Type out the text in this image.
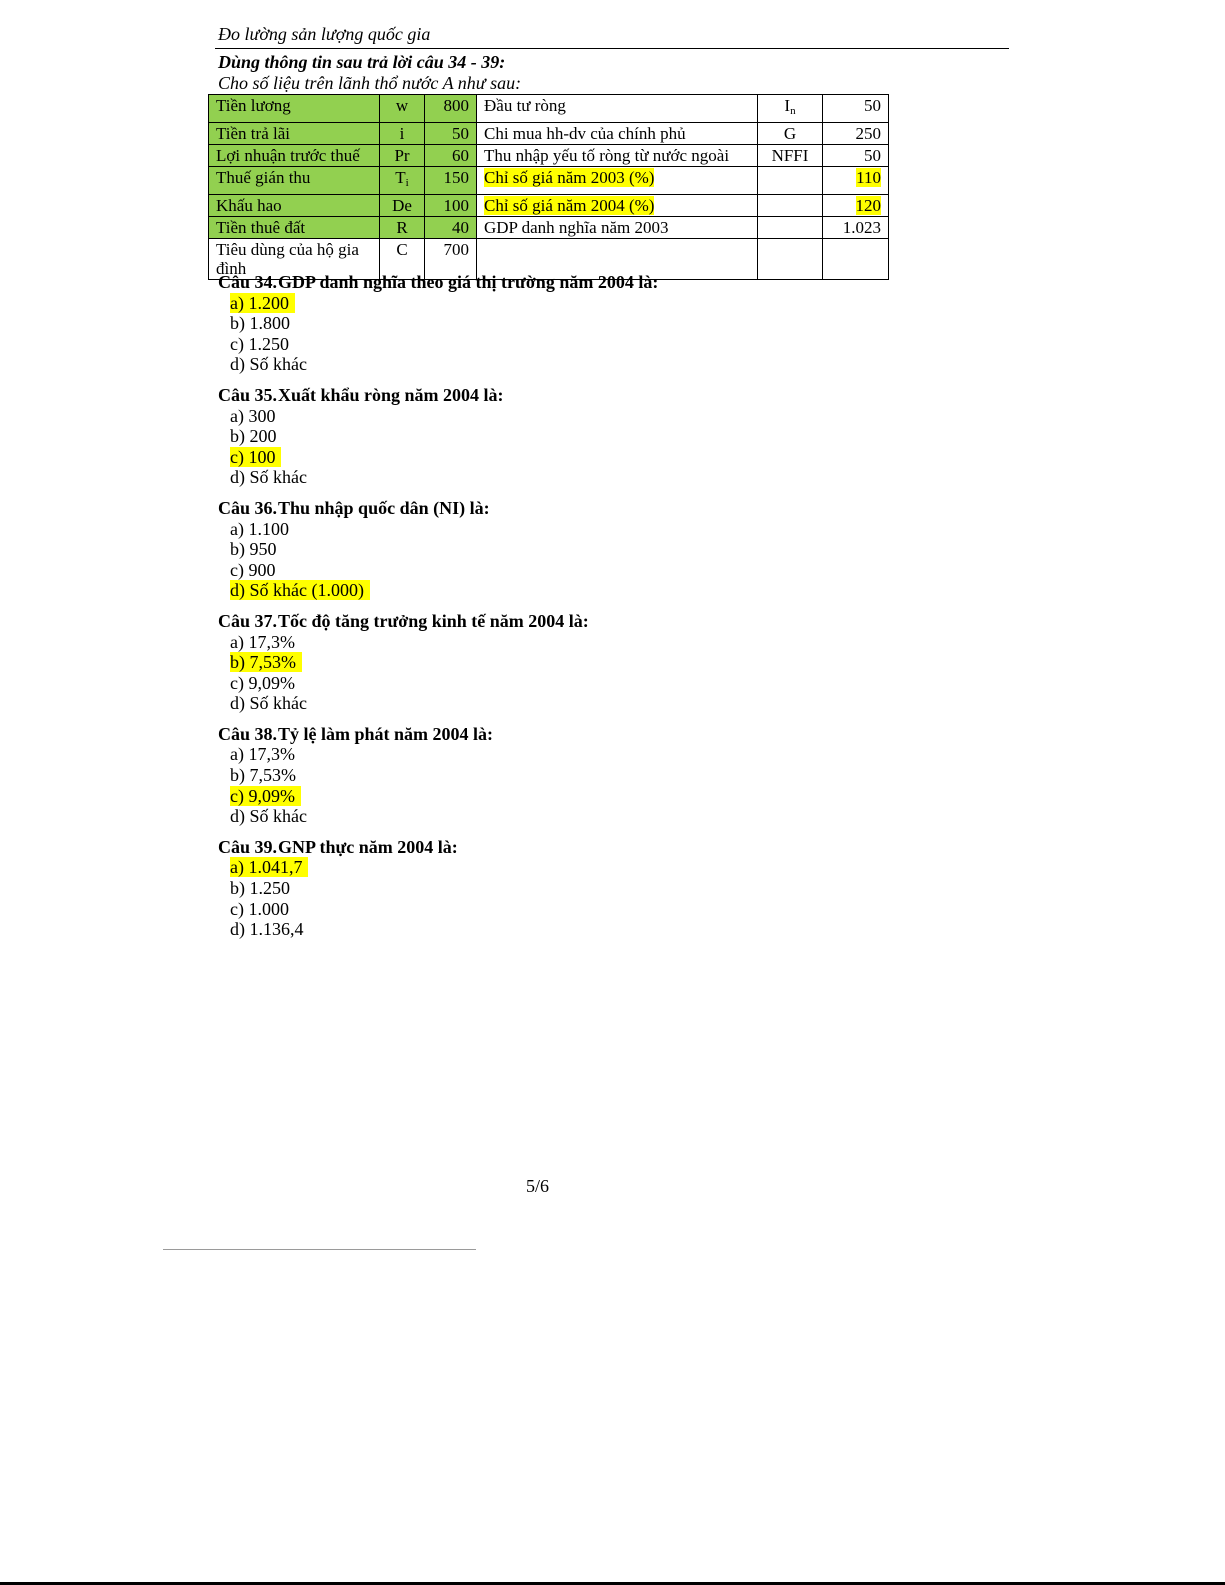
Đo lường sản lượng quốc gia
Dùng thông tin sau trả lời câu 34 - 39:
Cho số liệu trên lãnh thổ nước A như sau:
Tiền lương	w	800	Đầu tư ròng	$I_n$	50
Tiền trả lãi	i	50	Chi mua hh-dv của chính phủ	G	250
Lợi nhuận trước thuế	Pr	60	Thu nhập yếu tố ròng từ nước ngoài	NFFI	50
Thuế gián thu	$T_i$	150	Chỉ số giá năm 2003 (%)		110
Khấu hao	De	100	Chỉ số giá năm 2004 (%)		120
Tiền thuê đất	R	40	GDP danh nghĩa năm 2003		1.023
Tiêu dùng của hộ gia đình	C	700			
Câu 34.GDP danh nghĩa theo giá thị trường năm 2004 là:
a) 1.200
b) 1.800
c) 1.250
d) Số khác
Câu 35.Xuất khẩu ròng năm 2004 là:
a) 300
b) 200
c) 100
d) Số khác
Câu 36.Thu nhập quốc dân (NI) là:
a) 1.100
b) 950
c) 900
d) Số khác (1.000)
Câu 37.Tốc độ tăng trưởng kinh tế năm 2004 là:
a) 17,3%
b) 7,53%
c) 9,09%
d) Số khác
Câu 38.Tỷ lệ làm phát năm 2004 là:
a) 17,3%
b) 7,53%
c) 9,09%
d) Số khác
Câu 39.GNP thực năm 2004 là:
a) 1.041,7
b) 1.250
c) 1.000
d) 1.136,4
5/6
